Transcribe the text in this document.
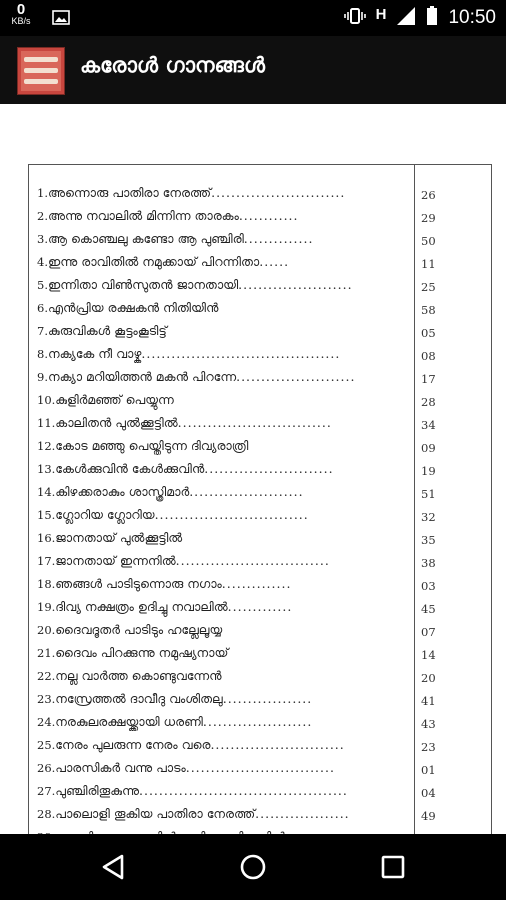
0
KB/s	H	10:50
കരോൾ ഗാനങ്ങൾ
1.അന്നൊരു പാതിരാ നേരത്ത്...........................	26
2.അന്നു നവാലിൽ മിന്നിന്ന താരകം............	29
3.ആ കൊഞ്ചലു കണ്ടോ ആ പുഞ്ചിരി..............	50
4.ഇന്നു രാവിതിൽ നമുക്കായ് പിറന്നിതാ......	11
5.ഇന്നിതാ വിൺസുതൻ ജാനതായി.......................	25
6.എൻപ്രിയ രക്ഷകൻ നിതിയിൻ	58
7.കുരുവികൾ കൂട്ടംകൂടിട്ട്	05
8.നക്യകേ നീ വാഴ്ക........................................	08
9.നക്യാ മറിയിത്തൻ മകൻ പിറന്നേ........................	17
10.കുളിർമഞ്ഞ് പെയ്യുന്ന	28
11.കാലിതൻ പുൽക്കൂട്ടിൽ...............................	34
12.കോട മഞ്ഞു പെയ്തിടുന്ന ദിവ്യരാത്രി	09
13.കേൾക്കുവിൻ കേൾക്കുവിൻ..........................	19
14.കിഴക്കരാകും ശാസ്ത്രിമാർ.......................	51
15.ഗ്ലോറിയ ഗ്ലോറിയ...............................	32
16.ജാനതായ് പുൽക്കൂട്ടിൽ	35
17.ജാനതായ് ഇന്നനിൽ...............................	38
18.ഞങ്ങൾ പാടിടുന്നൊരു നഗാം..............	03
19.ദിവ്യ നക്ഷത്രം ഉദിച്ചു നവാലിൽ.............	45
20.ദൈവദൂതർ പാടിടും ഹല്ലേലൂയ്യ	07
21.ദൈവം പിറക്കുന്നു നമുഷ്യനായ്	14
22.നല്ല വാർത്ത കൊണ്ടുവന്നേൻ	20
23.നസ്രേത്തൽ ദാവീദു വംശിതലു..................	41
24.നരകുലരക്ഷയ്ക്കായി ധരണി......................	43
25.നേരം പുലരുന്ന നേരം വരെ...........................	23
26.പാരസികർ വന്നു പാടം..............................	01
27.പുഞ്ചിരിതൂകുന്നു..........................................	04
28.പാലൊളി തൂകിയ പാതിരാ നേരത്ത്...................	49
